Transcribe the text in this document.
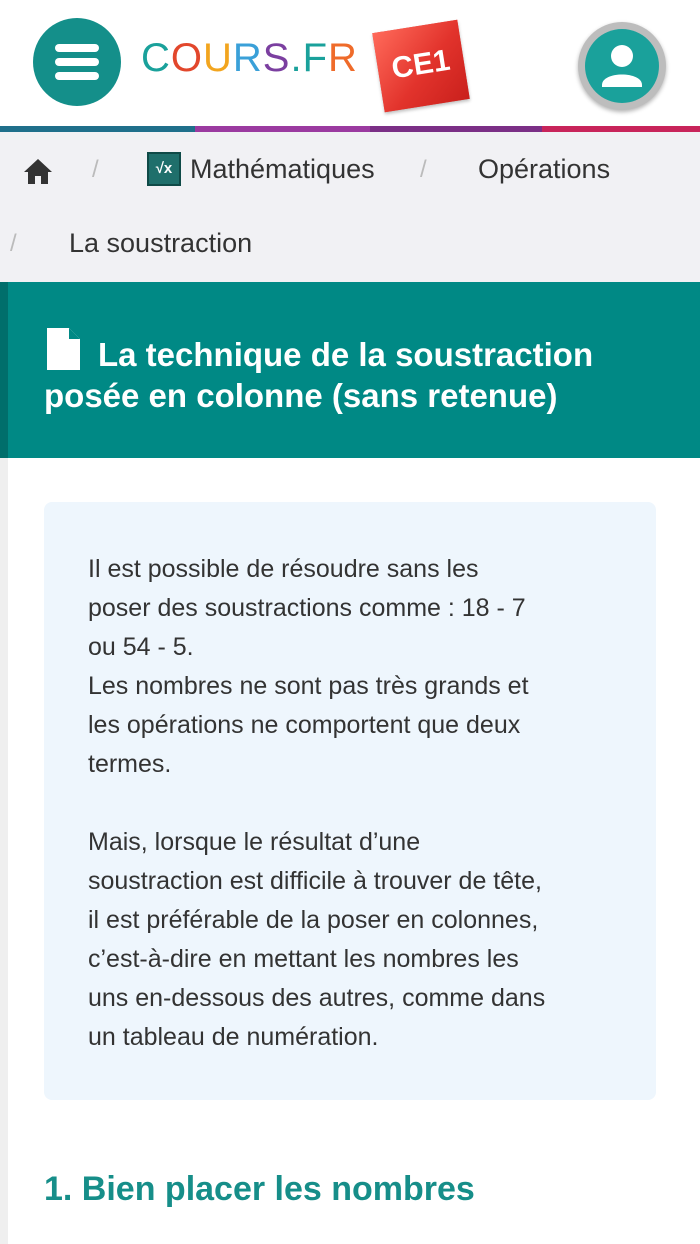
COURS.FR	CE1
/	√x Mathématiques / Opérations
/ La soustraction
La technique de la soustraction posée en colonne (sans retenue)

Il est possible de résoudre sans les
poser des soustractions comme : 18 - 7
ou 54 - 5.
Les nombres ne sont pas très grands et
les opérations ne comportent que deux
termes.

Mais, lorsque le résultat d’une
soustraction est difficile à trouver de tête,
il est préférable de la poser en colonnes,
c’est-à-dire en mettant les nombres les
uns en-dessous des autres, comme dans
un tableau de numération.

1. Bien placer les nombres
